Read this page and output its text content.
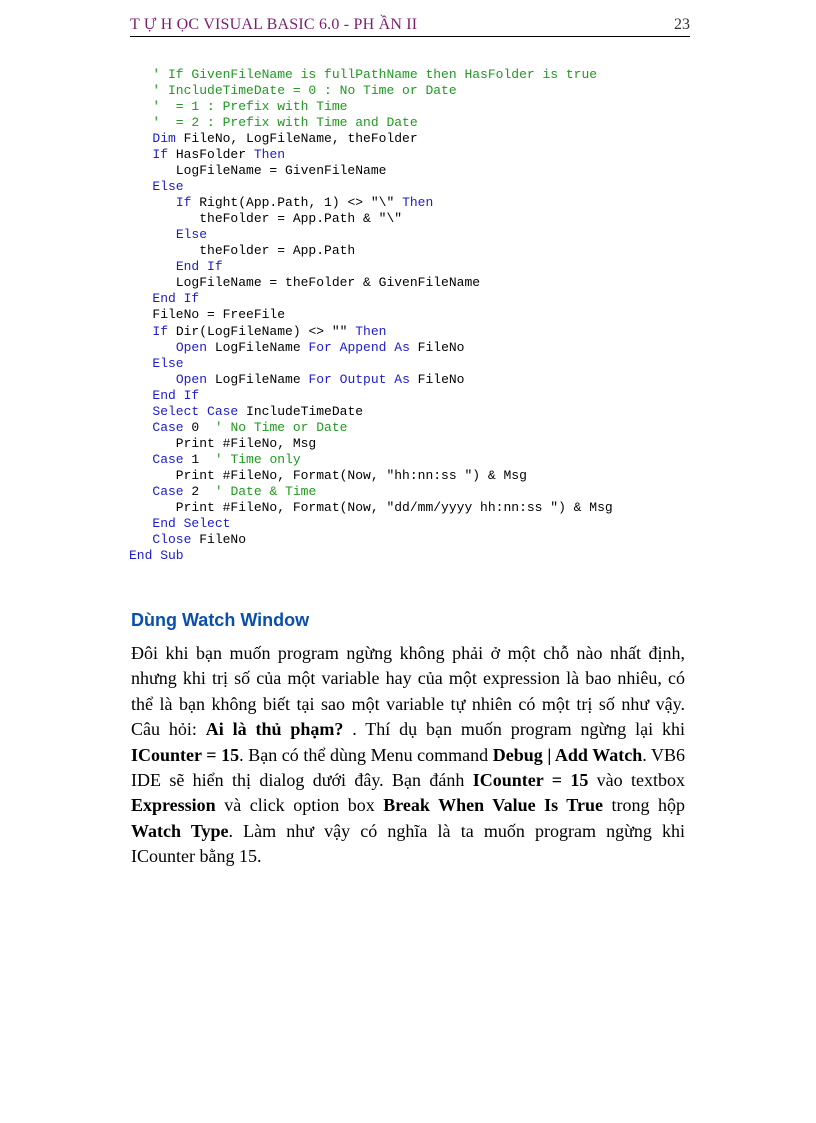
T Ự H ỌC VISUAL BASIC 6.0 - PH ẦN II	23
' If GivenFileName is fullPathName then HasFolder is true
' IncludeTimeDate = 0 : No Time or Date
'  = 1 : Prefix with Time
'  = 2 : Prefix with Time and Date
Dim FileNo, LogFileName, theFolder
If HasFolder Then
LogFileName = GivenFileName
Else
If Right(App.Path, 1) <> "\" Then
theFolder = App.Path & "\"
Else
theFolder = App.Path
End If
LogFileName = theFolder & GivenFileName
End If
FileNo = FreeFile
If Dir(LogFileName) <> "" Then
Open LogFileName For Append As FileNo
Else
Open LogFileName For Output As FileNo
End If
Select Case IncludeTimeDate
Case 0  ' No Time or Date
Print #FileNo, Msg
Case 1  ' Time only
Print #FileNo, Format(Now, "hh:nn:ss ") & Msg
Case 2  ' Date & Time
Print #FileNo, Format(Now, "dd/mm/yyyy hh:nn:ss ") & Msg
End Select
Close FileNo
End Sub
Dùng Watch Window

Đôi khi bạn muốn program ngừng không phải ở một chỗ nào nhất định, nhưng khi trị số của một variable hay của một expression là bao nhiêu, có thể là bạn không biết tại sao một variable tự nhiên có một trị số như vậy. Câu hỏi: Ai là thủ phạm? . Thí dụ bạn muốn program ngừng lại khi ICounter = 15. Bạn có thể dùng Menu command Debug | Add Watch. VB6 IDE sẽ hiển thị dialog dưới đây. Bạn đánh ICounter = 15 vào textbox Expression và click option box Break When Value Is True trong hộp Watch Type. Làm như vậy có nghĩa là ta muốn program ngừng khi ICounter bằng 15.
